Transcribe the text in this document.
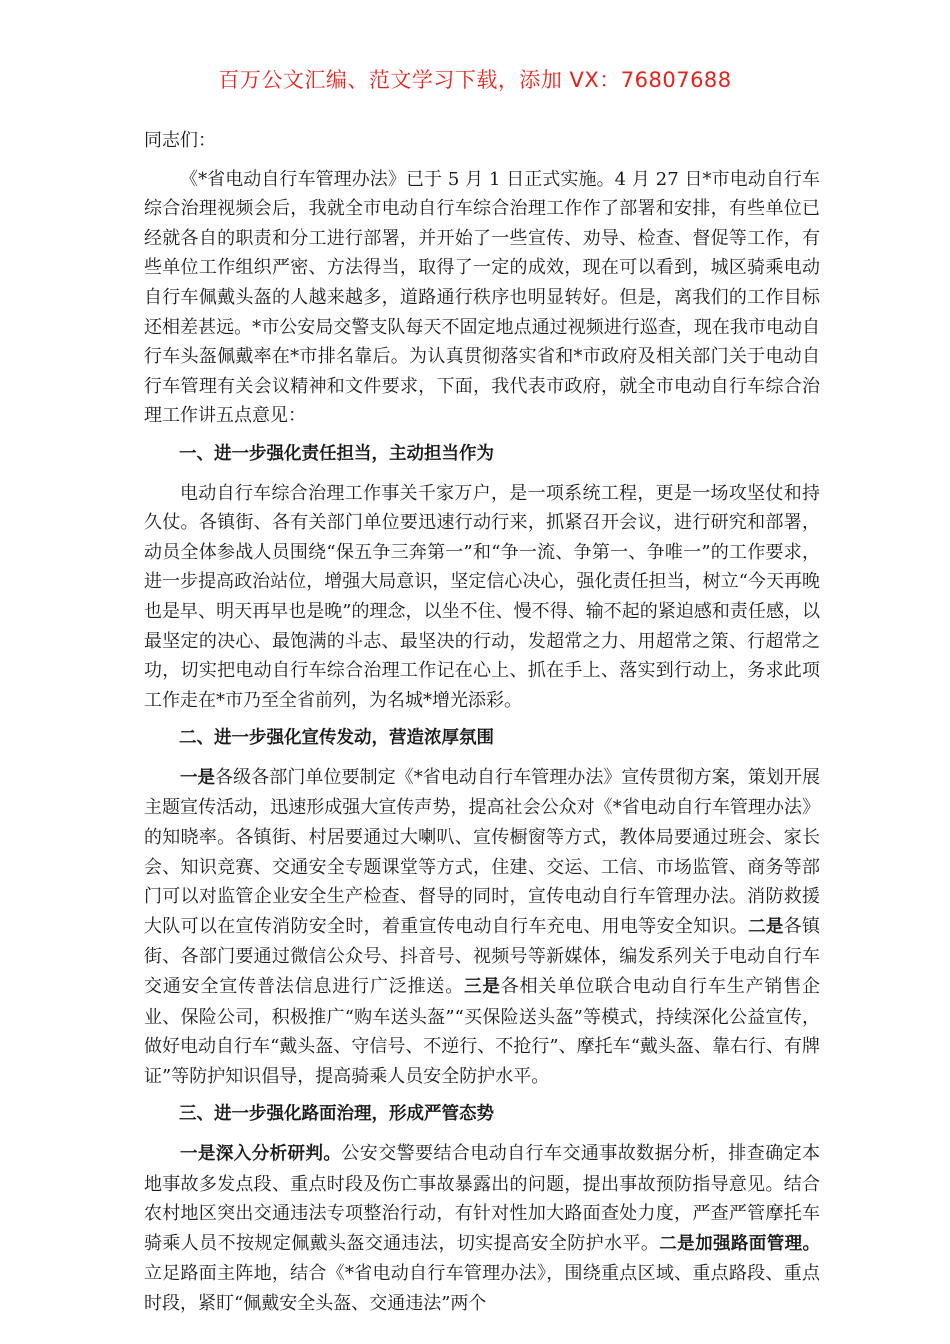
百万公文汇编、范文学习下载，添加 VX：76807688

同志们：

《*省电动自行车管理办法》已于 5 月 1 日正式实施。4 月 27 日*市电动自行车综合治理视频会后，我就全市电动自行车综合治理工作作了部署和安排，有些单位已经就各自的职责和分工进行部署，并开始了一些宣传、劝导、检查、督促等工作，有些单位工作组织严密、方法得当，取得了一定的成效，现在可以看到，城区骑乘电动自行车佩戴头盔的人越来越多，道路通行秩序也明显转好。但是，离我们的工作目标还相差甚远。*市公安局交警支队每天不固定地点通过视频进行巡查，现在我市电动自行车头盔佩戴率在*市排名靠后。为认真贯彻落实省和*市政府及相关部门关于电动自行车管理有关会议精神和文件要求，下面，我代表市政府，就全市电动自行车综合治理工作讲五点意见：

一、进一步强化责任担当，主动担当作为

电动自行车综合治理工作事关千家万户，是一项系统工程，更是一场攻坚仗和持久仗。各镇街、各有关部门单位要迅速行动行来，抓紧召开会议，进行研究和部署，动员全体参战人员围绕“保五争三奔第一”和“争一流、争第一、争唯一”的工作要求，进一步提高政治站位，增强大局意识，坚定信心决心，强化责任担当，树立“今天再晚也是早、明天再早也是晚”的理念，以坐不住、慢不得、输不起的紧迫感和责任感，以最坚定的决心、最饱满的斗志、最坚决的行动，发超常之力、用超常之策、行超常之功，切实把电动自行车综合治理工作记在心上、抓在手上、落实到行动上，务求此项工作走在*市乃至全省前列，为名城*增光添彩。

二、进一步强化宣传发动，营造浓厚氛围

一是各级各部门单位要制定《*省电动自行车管理办法》宣传贯彻方案，策划开展主题宣传活动，迅速形成强大宣传声势，提高社会公众对《*省电动自行车管理办法》的知晓率。各镇街、村居要通过大喇叭、宣传橱窗等方式，教体局要通过班会、家长会、知识竞赛、交通安全专题课堂等方式，住建、交运、工信、市场监管、商务等部门可以对监管企业安全生产检查、督导的同时，宣传电动自行车管理办法。消防救援大队可以在宣传消防安全时，着重宣传电动自行车充电、用电等安全知识。二是各镇街、各部门要通过微信公众号、抖音号、视频号等新媒体，编发系列关于电动自行车交通安全宣传普法信息进行广泛推送。三是各相关单位联合电动自行车生产销售企业、保险公司，积极推广“购车送头盔”“买保险送头盔”等模式，持续深化公益宣传，做好电动自行车“戴头盔、守信号、不逆行、不抢行”、摩托车“戴头盔、靠右行、有牌证”等防护知识倡导，提高骑乘人员安全防护水平。

三、进一步强化路面治理，形成严管态势

一是深入分析研判。公安交警要结合电动自行车交通事故数据分析，排查确定本地事故多发点段、重点时段及伤亡事故暴露出的问题，提出事故预防指导意见。结合农村地区突出交通违法专项整治行动，有针对性加大路面查处力度，严查严管摩托车骑乘人员不按规定佩戴头盔交通违法，切实提高安全防护水平。二是加强路面管理。立足路面主阵地，结合《*省电动自行车管理办法》，围绕重点区域、重点路段、重点时段，紧盯“佩戴安全头盔、交通违法”两个
